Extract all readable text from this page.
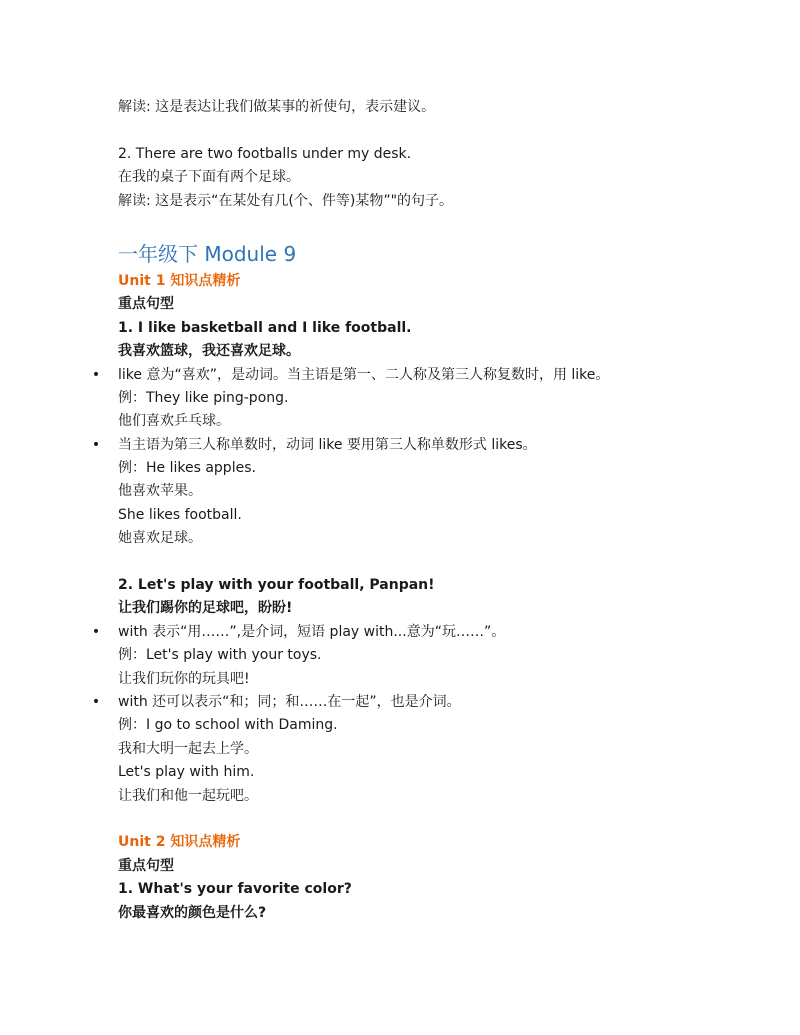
解读: 这是表达让我们做某事的祈使句，表示建议。
2. There are two footballs under my desk.
在我的桌子下面有两个足球。
解读: 这是表示“在某处有几(个、件等)某物”"的句子。
一年级下 Module 9
Unit 1 知识点精析
重点句型
1. I like basketball and I like football.
我喜欢篮球，我还喜欢足球。
• like 意为“喜欢”，是动词。当主语是第一、二人称及第三人称复数时，用 like。
例：They like ping-pong.
他们喜欢乒乓球。
• 当主语为第三人称单数时，动词 like 要用第三人称单数形式 likes。
例：He likes apples.
他喜欢苹果。
She likes football.
她喜欢足球。
2. Let's play with your football, Panpan!
让我们踢你的足球吧，盼盼!
• with 表示“用……”,是介词，短语 play with...意为“玩……”。
例：Let's play with your toys.
让我们玩你的玩具吧!
• with 还可以表示“和；同；和……在一起”，也是介词。
例：I go to school with Daming.
我和大明一起去上学。
Let's play with him.
让我们和他一起玩吧。
Unit 2 知识点精析
重点句型
1. What's your favorite color?
你最喜欢的颜色是什么?
